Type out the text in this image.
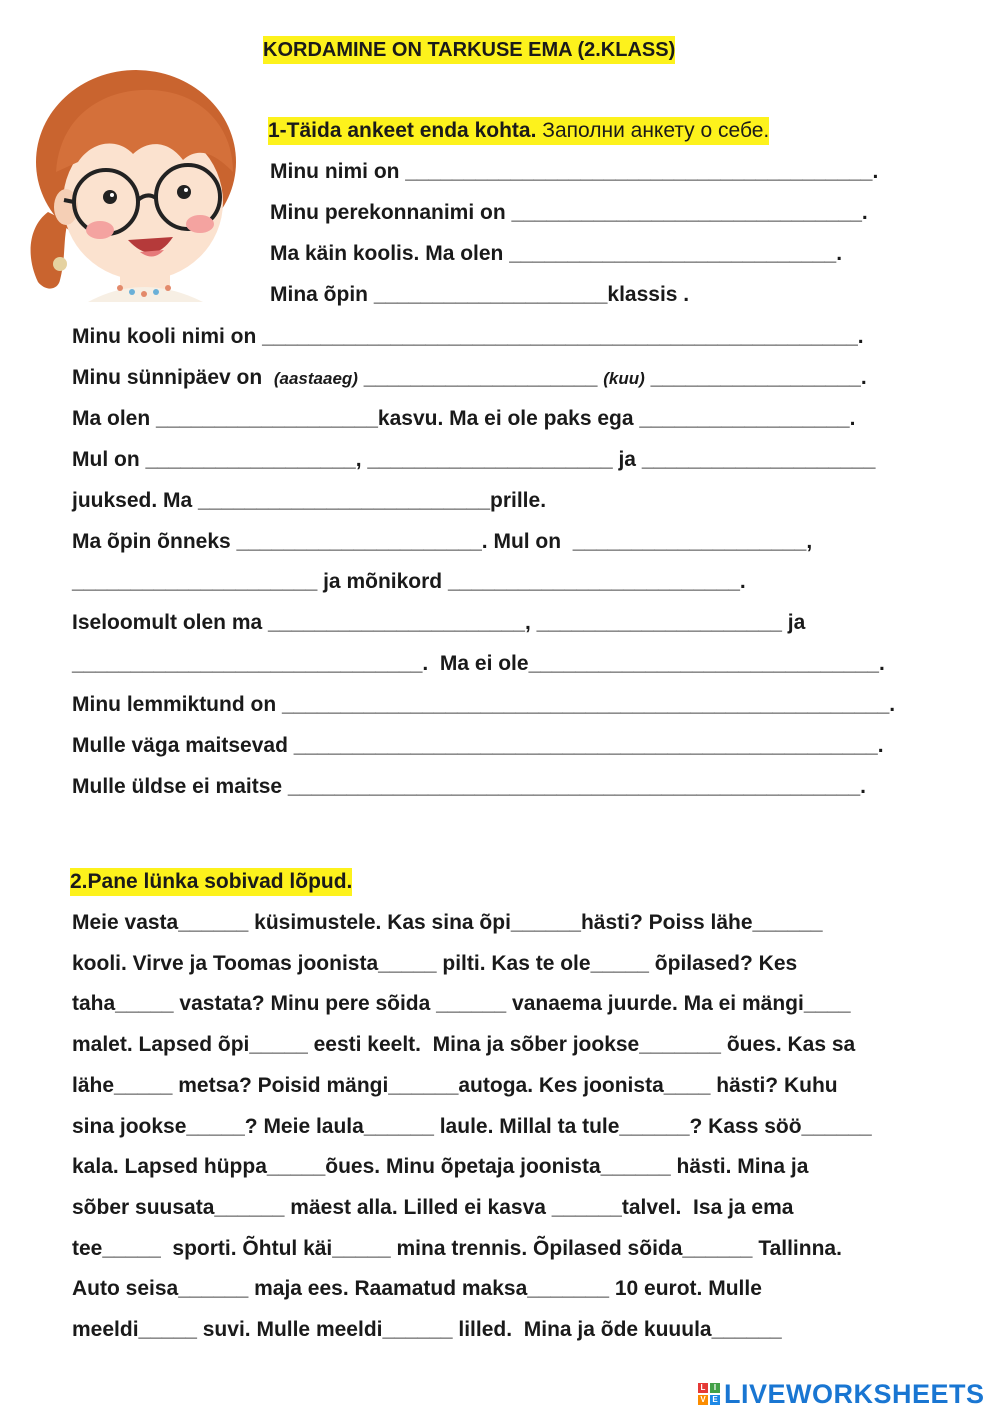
KORDAMINE ON TARKUSE EMA (2.KLASS)
1-Täida ankeet enda kohta. Заполни анкету о себе.
Minu nimi on ________________________________________.
Minu perekonnanimi on ______________________________.
Ma käin koolis. Ma olen ____________________________.
Mina õpin ____________________klassis .
Minu kooli nimi on ___________________________________________________.
Minu sünnipäev on (aastaaeg) ____________________ (kuu) __________________.
Ma olen ___________________kasvu. Ma ei ole paks ega __________________.
Mul on __________________, _____________________ ja ____________________
juuksed. Ma _________________________prille.
Ma õpin õnneks _____________________. Mul on  ____________________,
_____________________ ja mõnikord _________________________.
Iseloomult olen ma ______________________, _____________________ ja
______________________________.  Ma ei ole______________________________.
Minu lemmiktund on ____________________________________________________.
Mulle väga maitsevad __________________________________________________.
Mulle üldse ei maitse _________________________________________________.
2.Pane lünka sobivad lõpud.
Meie vasta______ küsimustele. Kas sina õpi______hästi? Poiss lähe______
kooli. Virve ja Toomas joonista_____ pilti. Kas te ole_____ õpilased? Kes
taha_____ vastata? Minu pere sõida ______ vanaema juurde. Ma ei mängi____
malet. Lapsed õpi_____ eesti keelt.  Mina ja sõber jookse_______ õues. Kas sa
lähe_____ metsa? Poisid mängi______autoga. Kes joonista____ hästi? Kuhu
sina jookse_____? Meie laula______ laule. Millal ta tule______? Kass söö______
kala. Lapsed hüppa_____õues. Minu õpetaja joonista______ hästi. Mina ja
sõber suusata______ mäest alla. Lilled ei kasva ______talvel.  Isa ja ema
tee_____  sporti. Õhtul käi_____ mina trennis. Õpilased sõida______ Tallinna.
Auto seisa______ maja ees. Raamatud maksa_______ 10 eurot. Mulle
meeldi_____ suvi. Mulle meeldi______ lilled.  Mina ja õde kuuula______
L	I
V E LIVEWORKSHEETS
